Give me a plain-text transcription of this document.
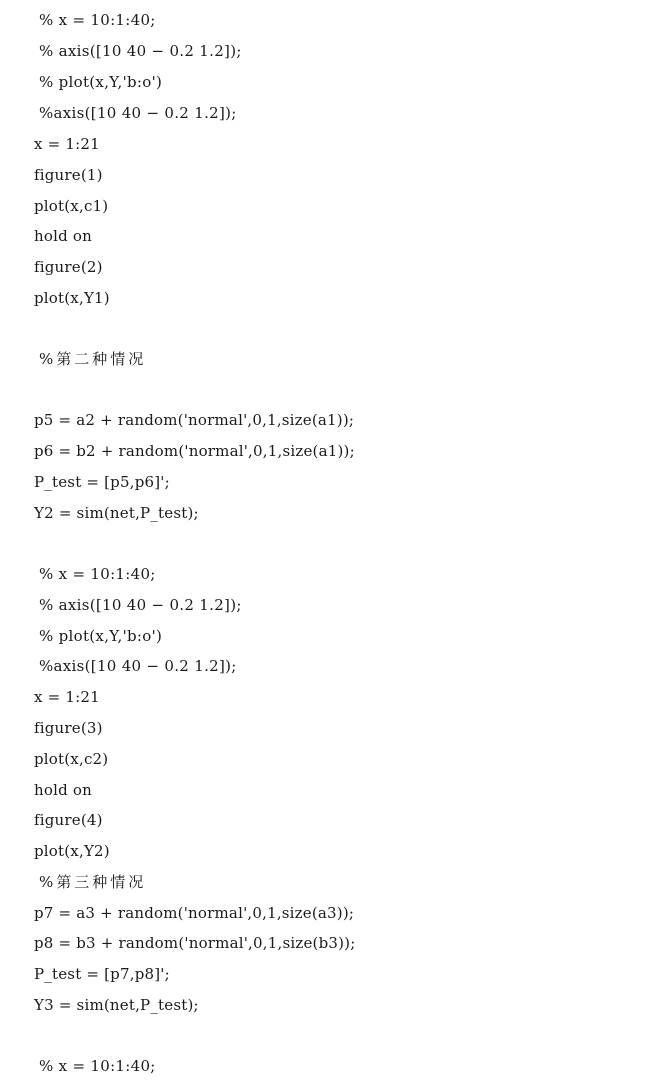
% x = 10:1:40;
% axis([10 40 − 0.2 1.2]);
% plot(x,Y,'b:o')
%axis([10 40 − 0.2 1.2]);
x = 1:21
figure(1)
plot(x,c1)
hold on
figure(2)
plot(x,Y1)
%第二种情况
p5 = a2 + random('normal',0,1,size(a1));
p6 = b2 + random('normal',0,1,size(a1));
P_test = [p5,p6]';
Y2 = sim(net,P_test);
% x = 10:1:40;
% axis([10 40 − 0.2 1.2]);
% plot(x,Y,'b:o')
%axis([10 40 − 0.2 1.2]);
x = 1:21
figure(3)
plot(x,c2)
hold on
figure(4)
plot(x,Y2)
%第三种情况
p7 = a3 + random('normal',0,1,size(a3));
p8 = b3 + random('normal',0,1,size(b3));
P_test = [p7,p8]';
Y3 = sim(net,P_test);
% x = 10:1:40;
